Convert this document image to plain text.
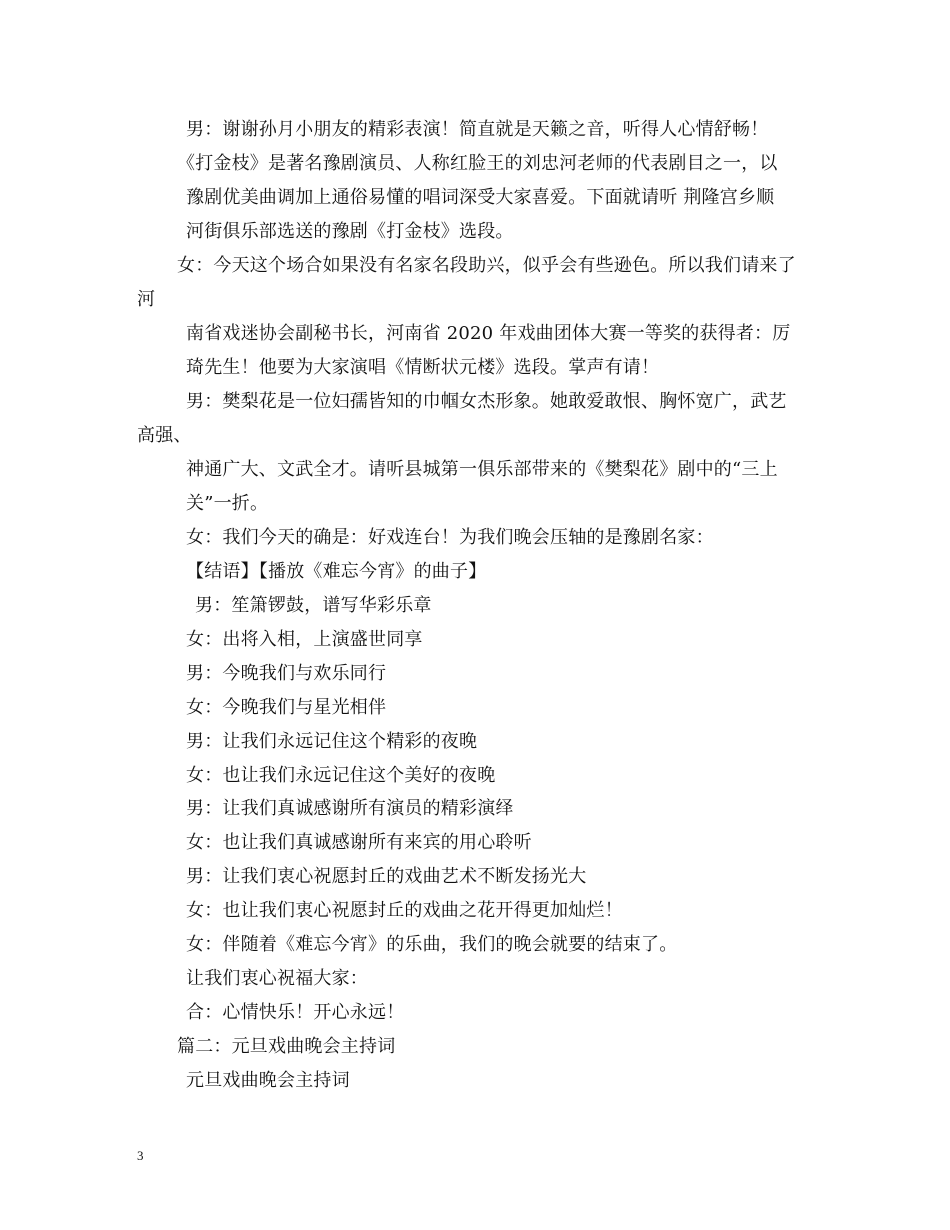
男：谢谢孙月小朋友的精彩表演！简直就是天籁之音，听得人心情舒畅！
《打金枝》是著名豫剧演员、人称红脸王的刘忠河老师的代表剧目之一，以
豫剧优美曲调加上通俗易懂的唱词深受大家喜爱。下面就请听 荆隆宫乡顺
河街俱乐部选送的豫剧《打金枝》选段。
女：今天这个场合如果没有名家名段助兴，似乎会有些逊色。所以我们请来了
河
南省戏迷协会副秘书长，河南省 2020 年戏曲团体大赛一等奖的获得者：厉
琦先生！他要为大家演唱《情断状元楼》选段。掌声有请！
男：樊梨花是一位妇孺皆知的巾帼女杰形象。她敢爱敢恨、胸怀宽广，武艺
高强、
神通广大、文武全才。请听县城第一俱乐部带来的《樊梨花》剧中的“三上
关”一折。
女：我们今天的确是：好戏连台！为我们晚会压轴的是豫剧名家：
【结语】【播放《难忘今宵》的曲子】
男：笙箫锣鼓，谱写华彩乐章
女：出将入相，上演盛世同享
男：今晚我们与欢乐同行
女：今晚我们与星光相伴
男：让我们永远记住这个精彩的夜晚
女：也让我们永远记住这个美好的夜晚
男：让我们真诚感谢所有演员的精彩演绎
女：也让我们真诚感谢所有来宾的用心聆听
男：让我们衷心祝愿封丘的戏曲艺术不断发扬光大
女：也让我们衷心祝愿封丘的戏曲之花开得更加灿烂！
女：伴随着《难忘今宵》的乐曲，我们的晚会就要的结束了。
让我们衷心祝福大家：
合：心情快乐！开心永远！
篇二：元旦戏曲晚会主持词
元旦戏曲晚会主持词
3
